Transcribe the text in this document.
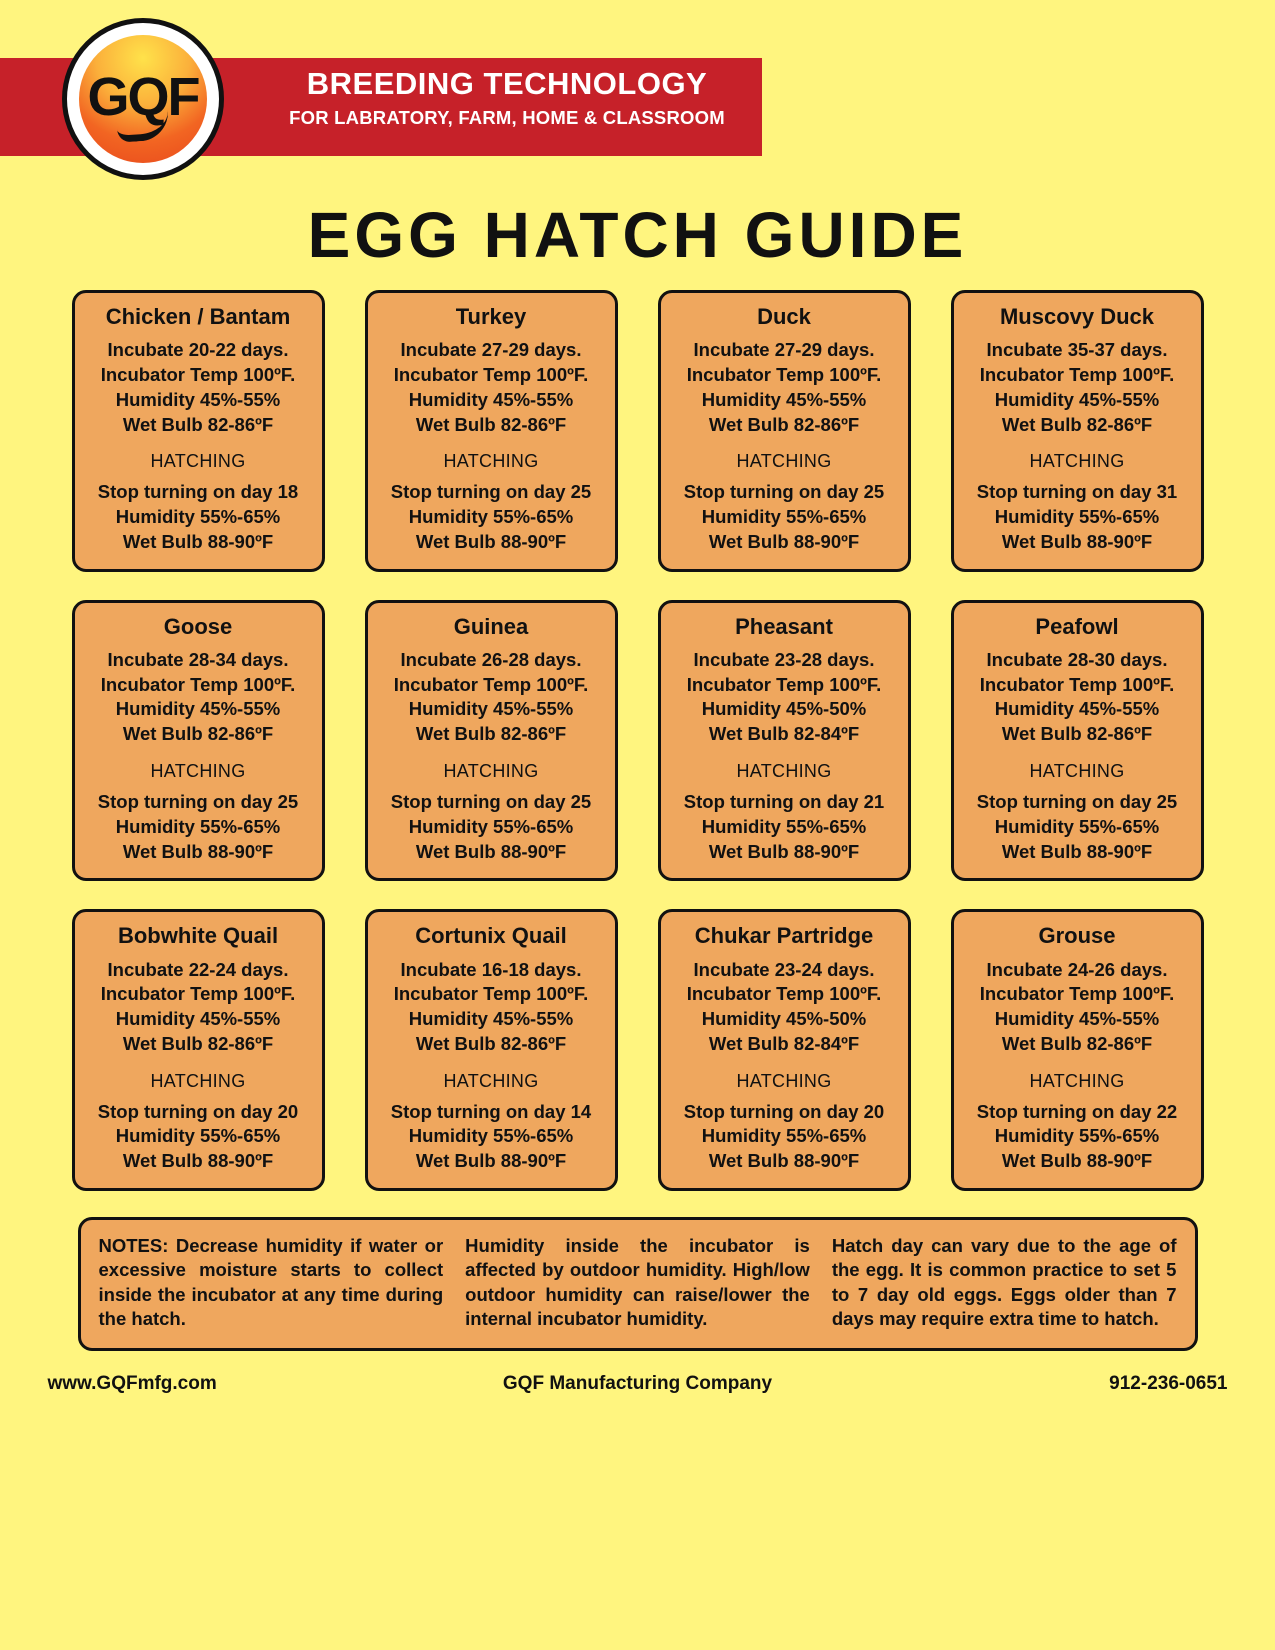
BREEDING TECHNOLOGY
FOR LABRATORY, FARM, HOME & CLASSROOM
GQF
EGG HATCH GUIDE
Chicken / Bantam
Incubate 20-22 days.
Incubator Temp 100ºF.
Humidity 45%-55%
Wet Bulb 82-86ºF
HATCHING
Stop turning on day 18
Humidity 55%-65%
Wet Bulb 88-90ºF
Turkey
Incubate 27-29 days.
Incubator Temp 100ºF.
Humidity 45%-55%
Wet Bulb 82-86ºF
HATCHING
Stop turning on day 25
Humidity 55%-65%
Wet Bulb 88-90ºF
Duck
Incubate 27-29 days.
Incubator Temp 100ºF.
Humidity 45%-55%
Wet Bulb 82-86ºF
HATCHING
Stop turning on day 25
Humidity 55%-65%
Wet Bulb 88-90ºF
Muscovy Duck
Incubate 35-37 days.
Incubator Temp 100ºF.
Humidity 45%-55%
Wet Bulb 82-86ºF
HATCHING
Stop turning on day 31
Humidity 55%-65%
Wet Bulb 88-90ºF
Goose
Incubate 28-34 days.
Incubator Temp 100ºF.
Humidity 45%-55%
Wet Bulb 82-86ºF
HATCHING
Stop turning on day 25
Humidity 55%-65%
Wet Bulb 88-90ºF
Guinea
Incubate 26-28 days.
Incubator Temp 100ºF.
Humidity 45%-55%
Wet Bulb 82-86ºF
HATCHING
Stop turning on day 25
Humidity 55%-65%
Wet Bulb 88-90ºF
Pheasant
Incubate 23-28 days.
Incubator Temp 100ºF.
Humidity 45%-50%
Wet Bulb 82-84ºF
HATCHING
Stop turning on day 21
Humidity 55%-65%
Wet Bulb 88-90ºF
Peafowl
Incubate 28-30 days.
Incubator Temp 100ºF.
Humidity 45%-55%
Wet Bulb 82-86ºF
HATCHING
Stop turning on day 25
Humidity 55%-65%
Wet Bulb 88-90ºF
Bobwhite Quail
Incubate 22-24 days.
Incubator Temp 100ºF.
Humidity 45%-55%
Wet Bulb 82-86ºF
HATCHING
Stop turning on day 20
Humidity 55%-65%
Wet Bulb 88-90ºF
Cortunix Quail
Incubate 16-18 days.
Incubator Temp 100ºF.
Humidity 45%-55%
Wet Bulb 82-86ºF
HATCHING
Stop turning on day 14
Humidity 55%-65%
Wet Bulb 88-90ºF
Chukar Partridge
Incubate 23-24 days.
Incubator Temp 100ºF.
Humidity 45%-50%
Wet Bulb 82-84ºF
HATCHING
Stop turning on day 20
Humidity 55%-65%
Wet Bulb 88-90ºF
Grouse
Incubate 24-26 days.
Incubator Temp 100ºF.
Humidity 45%-55%
Wet Bulb 82-86ºF
HATCHING
Stop turning on day 22
Humidity 55%-65%
Wet Bulb 88-90ºF
NOTES: Decrease humidity if water or excessive moisture starts to collect inside the incubator at any time during the hatch.
Humidity inside the incubator is affected by outdoor humidity. High/low outdoor humidity can raise/lower the internal incubator humidity.
Hatch day can vary due to the age of the egg. It is common practice to set 5 to 7 day old eggs. Eggs older than 7 days may require extra time to hatch.
www.GQFmfg.com	GQF Manufacturing Company	912-236-0651
